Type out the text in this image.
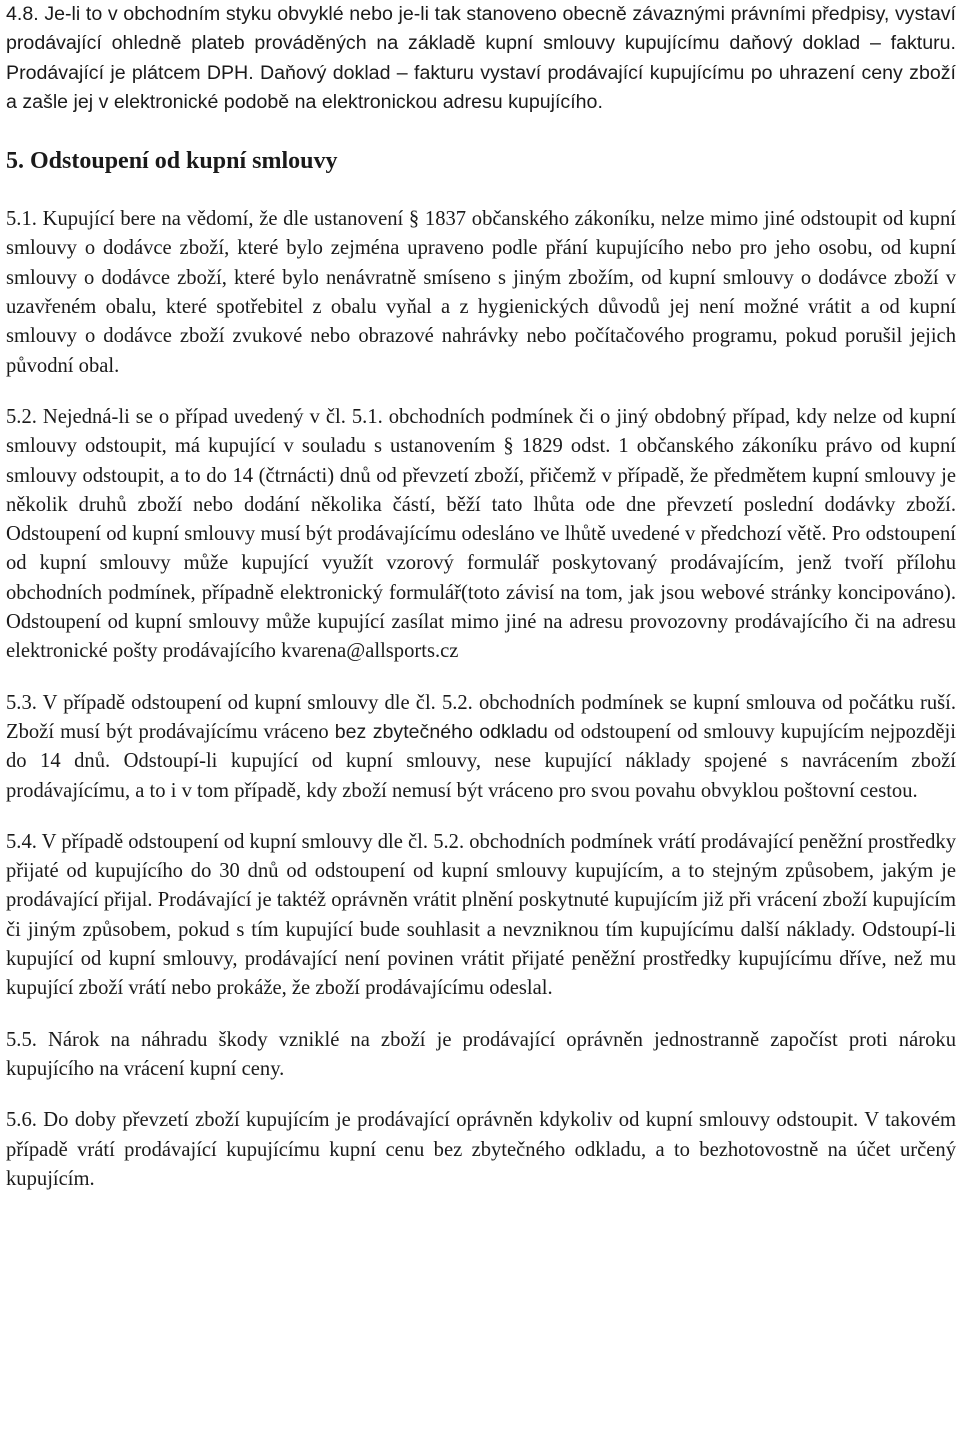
4.8. Je-li to v obchodním styku obvyklé nebo je-li tak stanoveno obecně závaznými právními předpisy, vystaví prodávající ohledně plateb prováděných na základě kupní smlouvy kupujícímu daňový doklad – fakturu. Prodávající je plátcem DPH. Daňový doklad – fakturu vystaví prodávající kupujícímu po uhrazení ceny zboží a zašle jej v elektronické podobě na elektronickou adresu kupujícího.

5. Odstoupení od kupní smlouvy

5.1. Kupující bere na vědomí, že dle ustanovení § 1837 občanského zákoníku, nelze mimo jiné odstoupit od kupní smlouvy o dodávce zboží, které bylo zejména upraveno podle přání kupujícího nebo pro jeho osobu, od kupní smlouvy o dodávce zboží, které bylo nenávratně smíseno s jiným zbožím, od kupní smlouvy o dodávce zboží v uzavřeném obalu, které spotřebitel z obalu vyňal a z hygienických důvodů jej není možné vrátit a od kupní smlouvy o dodávce zboží zvukové nebo obrazové nahrávky nebo počítačového programu, pokud porušil jejich původní obal.

5.2. Nejedná-li se o případ uvedený v čl. 5.1. obchodních podmínek či o jiný obdobný případ, kdy nelze od kupní smlouvy odstoupit, má kupující v souladu s ustanovením § 1829 odst. 1 občanského zákoníku právo od kupní smlouvy odstoupit, a to do 14 (čtrnácti) dnů od převzetí zboží, přičemž v případě, že předmětem kupní smlouvy je několik druhů zboží nebo dodání několika částí, běží tato lhůta ode dne převzetí poslední dodávky zboží. Odstoupení od kupní smlouvy musí být prodávajícímu odesláno ve lhůtě uvedené v předchozí větě. Pro odstoupení od kupní smlouvy může kupující využít vzorový formulář poskytovaný prodávajícím, jenž tvoří přílohu obchodních podmínek, případně elektronický formulář(toto závisí na tom, jak jsou webové stránky koncipováno). Odstoupení od kupní smlouvy může kupující zasílat mimo jiné na adresu provozovny prodávajícího či na adresu elektronické pošty prodávajícího kvarena@allsports.cz

5.3. V případě odstoupení od kupní smlouvy dle čl. 5.2. obchodních podmínek se kupní smlouva od počátku ruší. Zboží musí být prodávajícímu vráceno bez zbytečného odkladu od odstoupení od smlouvy kupujícím nejpozději do 14 dnů. Odstoupí-li kupující od kupní smlouvy, nese kupující náklady spojené s navrácením zboží prodávajícímu, a to i v tom případě, kdy zboží nemusí být vráceno pro svou povahu obvyklou poštovní cestou.

5.4. V případě odstoupení od kupní smlouvy dle čl. 5.2. obchodních podmínek vrátí prodávající peněžní prostředky přijaté od kupujícího do 30 dnů od odstoupení od kupní smlouvy kupujícím, a to stejným způsobem, jakým je prodávající přijal. Prodávající je taktéž oprávněn vrátit plnění poskytnuté kupujícím již při vrácení zboží kupujícím či jiným způsobem, pokud s tím kupující bude souhlasit a nevzniknou tím kupujícímu další náklady. Odstoupí-li kupující od kupní smlouvy, prodávající není povinen vrátit přijaté peněžní prostředky kupujícímu dříve, než mu kupující zboží vrátí nebo prokáže, že zboží prodávajícímu odeslal.

5.5. Nárok na náhradu škody vzniklé na zboží je prodávající oprávněn jednostranně započíst proti nároku kupujícího na vrácení kupní ceny.

5.6. Do doby převzetí zboží kupujícím je prodávající oprávněn kdykoliv od kupní smlouvy odstoupit. V takovém případě vrátí prodávající kupujícímu kupní cenu bez zbytečného odkladu, a to bezhotovostně na účet určený kupujícím.
